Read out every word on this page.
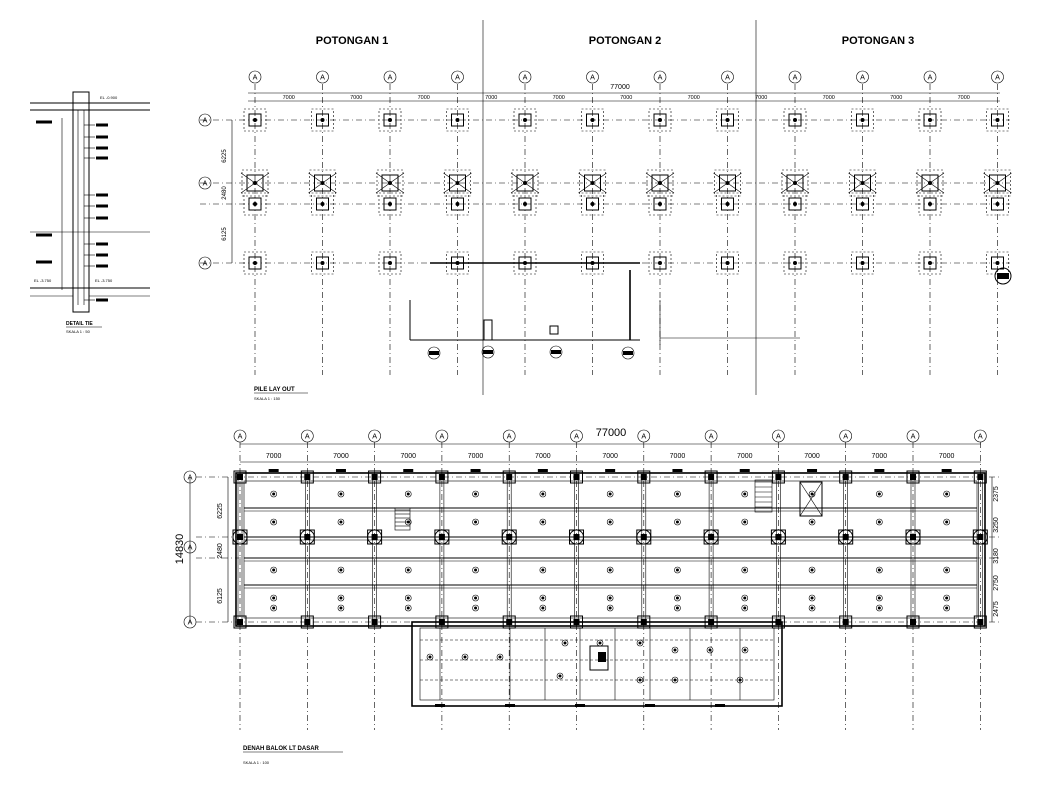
POTONGAN 1	POTONGAN 2	POTONGAN 3
A	A	A	A	A	A	A	A	A	A	A	A
A
A
A
7000	7000	7000	7000	7000	7000	7000	7000	7000	7000	7000
77000
6225
2480
6125
PILE LAY OUT
SKALA 1 : 150
EL -0.900
EL -3.750	EL -3.750
DETAIL TIE
SKALA 1 : 50
A	A	A	A	A	A	A	A	A	A	A	A
A
A
A
7000	7000	7000	7000	7000	7000	7000	7000	7000	7000	7000
77000
14830
6225
2480
6125
2375
3250
3180
2750
2475
DENAH BALOK LT DASAR
SKALA 1 : 100
